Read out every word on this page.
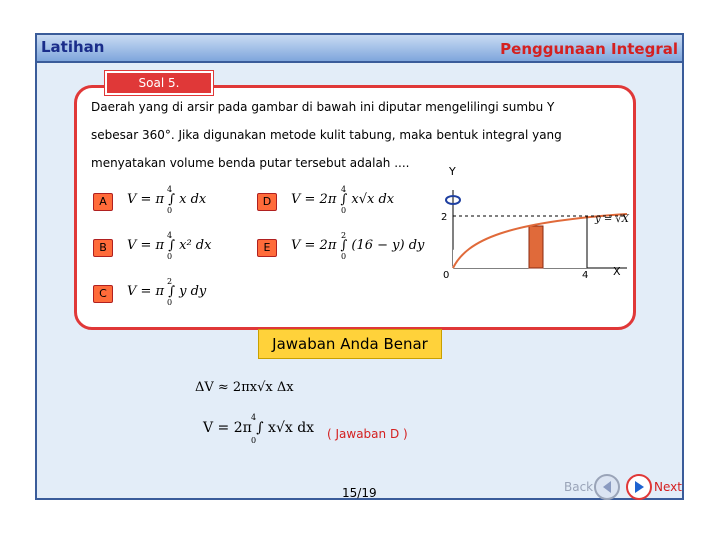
Latihan	Penggunaan Integral
Daerah yang di arsir pada gambar di bawah ini diputar mengelilingi sumbu Y
sebesar 360°. Jika digunakan metode kulit tabung, maka bentuk integral yang
menyatakan volume benda putar tersebut adalah ....
A	V = π ∫ x dx
4
0
D	V = 2π ∫ x√x dx
4
0
B	V = π ∫ x² dx
4
0
E	V = 2π ∫ (16 − y) dy
2
0
C	V = π ∫ y dy
2
0
Y
2
0	4 X
y = √X
Soal 5.
Jawaban Anda Benar
ΔV ≈ 2πx√x Δx
V = 2π ∫ x√x dx
4
0	( Jawaban D )
15/19	Back	Next
